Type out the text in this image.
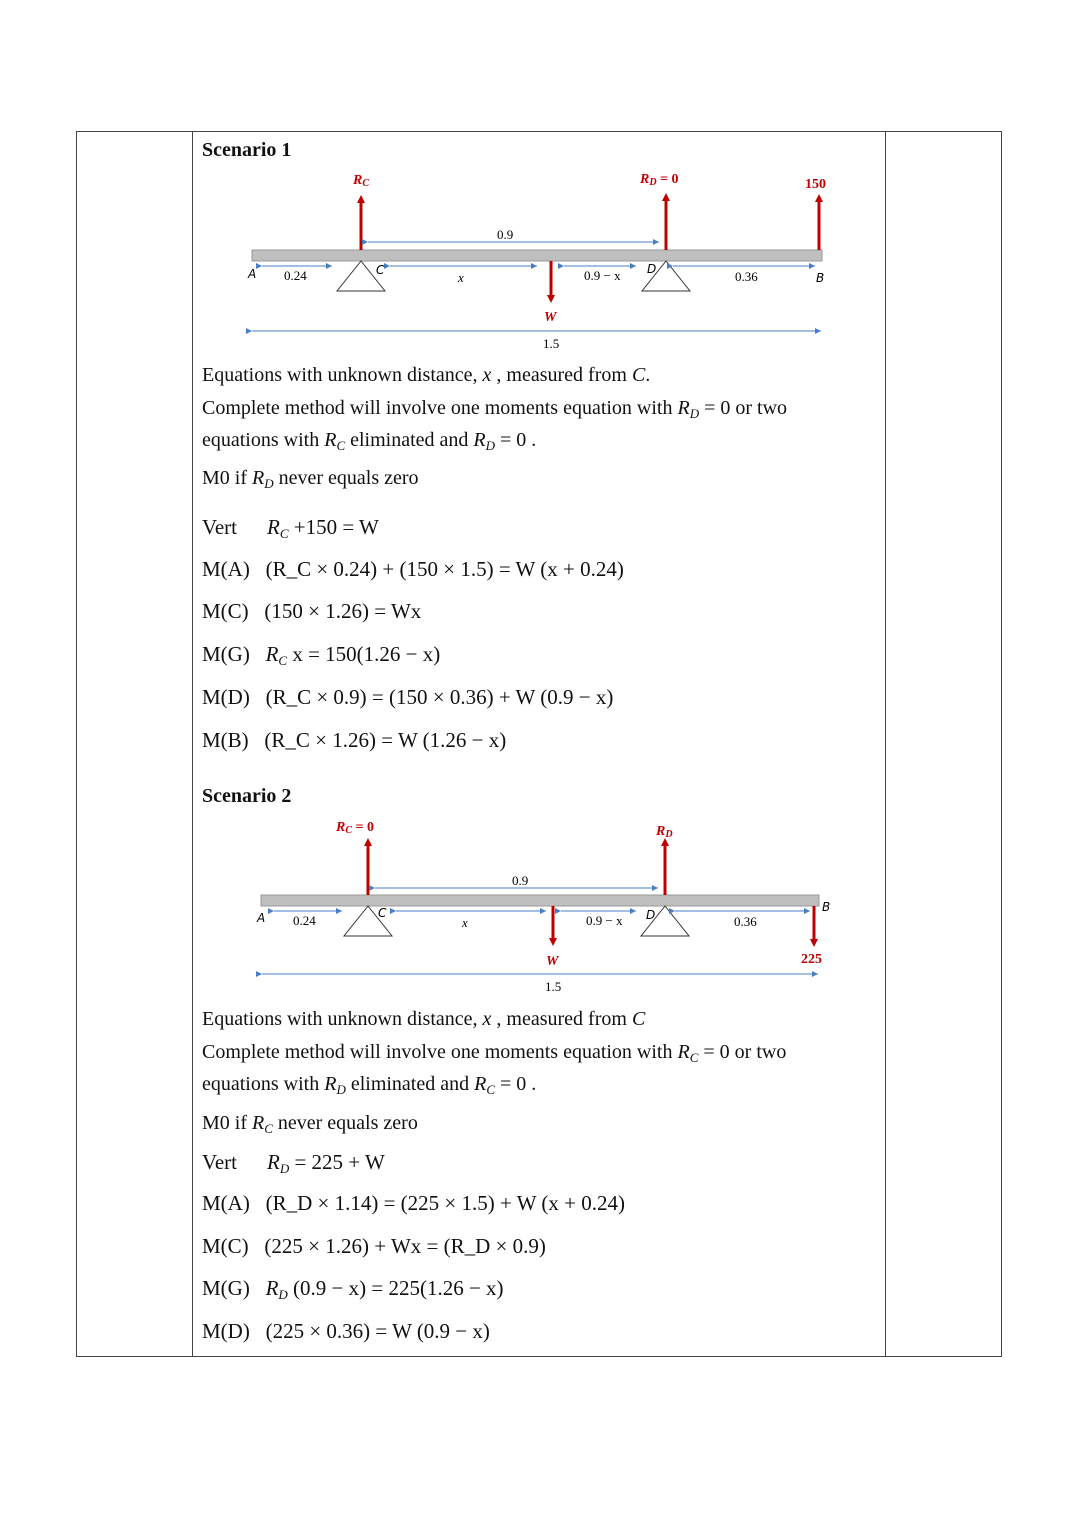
Scenario 1
RC	RD = 0	150
W
0.9
0.24	x	0.9 − x	0.36
1.5
A	B
C	D
Equations with unknown distance, x , measured from C.
Complete method will involve one moments equation with $R_D = 0$ or two
equations with $R_C$ eliminated and $R_D = 0$ .
M0 if $R_D$ never equals zero
Vert $R_C +150 = W$
M(A) (R_C × 0.24) + (150 × 1.5) = W (x + 0.24)
M(C) (150 × 1.26) = Wx
M(G) $R_C$ x = 150(1.26 − x)
M(D) (R_C × 0.9) = (150 × 0.36) + W (0.9 − x)
M(B) (R_C × 1.26) = W (1.26 − x)
Scenario 2
RC = 0	RD
225
W
0.9
0.24	x	0.9 − x	0.36
1.5
A
B
C	D
Equations with unknown distance, x , measured from C
Complete method will involve one moments equation with $R_C = 0$ or two
equations with $R_D$ eliminated and $R_C = 0$ .
M0 if $R_C$ never equals zero
Vert $R_D = 225 + W$
M(A) (R_D × 1.14) = (225 × 1.5) + W (x + 0.24)
M(C) (225 × 1.26) + Wx = (R_D × 0.9)
M(G) $R_D$ (0.9 − x) = 225(1.26 − x)
M(D) (225 × 0.36) = W (0.9 − x)
